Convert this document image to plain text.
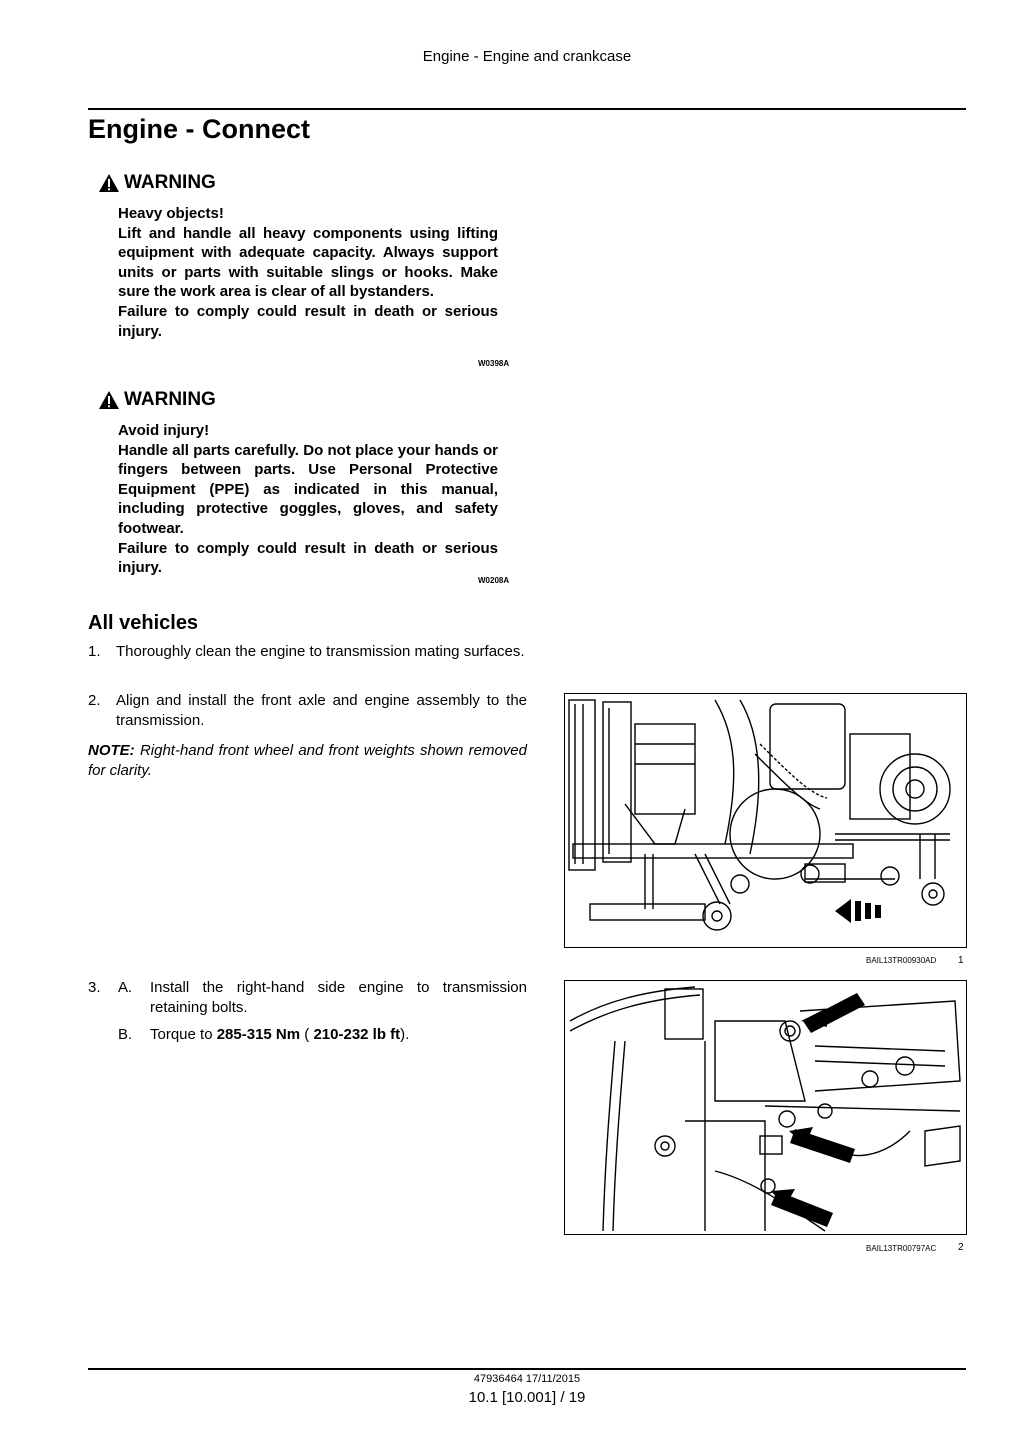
Engine - Engine and crankcase
Engine - Connect
WARNING

Heavy objects!

Lift and handle all heavy components using lifting equipment with adequate capacity. Always support units or parts with suitable slings or hooks. Make sure the work area is clear of all bystanders.

Failure to comply could result in death or serious injury.

W0398A
WARNING

Avoid injury!

Handle all parts carefully. Do not place your hands or fingers between parts. Use Personal Protective Equipment (PPE) as indicated in this manual, including protective goggles, gloves, and safety footwear.

Failure to comply could result in death or serious injury.

W0208A
All vehicles
1. Thoroughly clean the engine to transmission mating surfaces.
2. Align and install the front axle and engine assembly to the transmission.
NOTE: Right-hand front wheel and front weights shown removed for clarity.
3. A. Install the right-hand side engine to transmission retaining bolts.
B. Torque to 285-315 Nm ( 210-232 lb ft).
BAIL13TR00930AD 1
BAIL13TR00797AC 2
47936464 17/11/2015
10.1 [10.001] / 19
